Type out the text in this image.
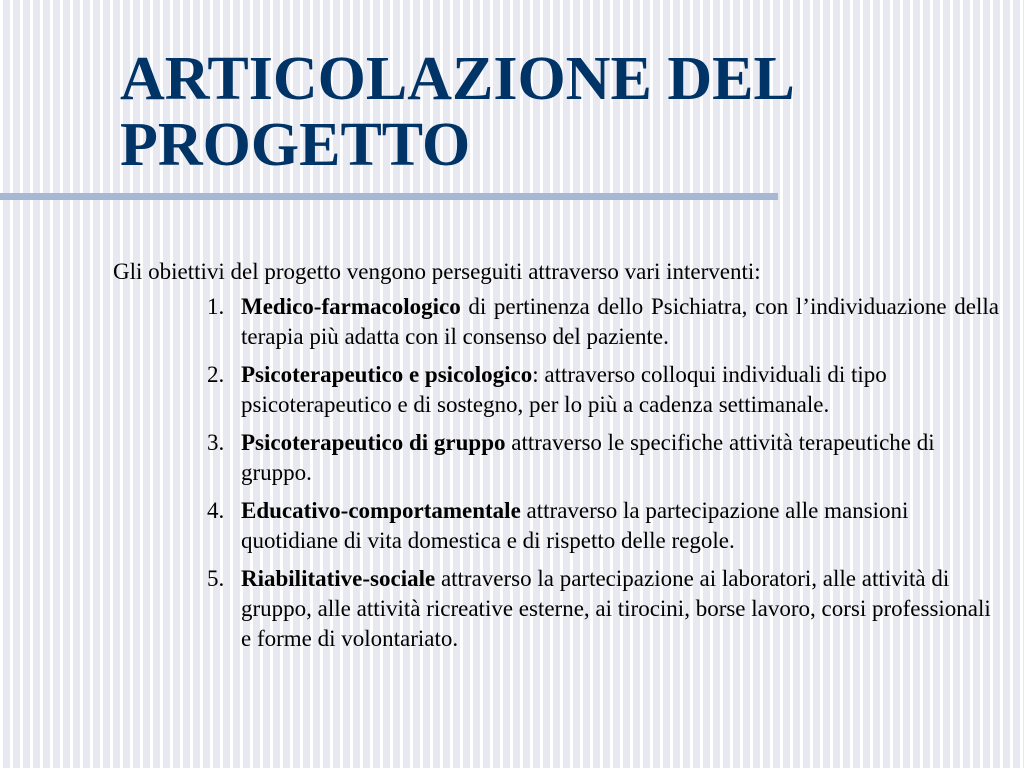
ARTICOLAZIONE DEL
PROGETTO

Gli obiettivi del progetto vengono perseguiti attraverso vari interventi:

1. Medico-farmacologico di pertinenza dello Psichiatra, con l’individuazione della terapia più adatta con il consenso del paziente.
2. Psicoterapeutico e psicologico: attraverso colloqui individuali di tipo psicoterapeutico e di sostegno, per lo più a cadenza settimanale.
3. Psicoterapeutico di gruppo attraverso le specifiche attività terapeutiche di gruppo.
4. Educativo-comportamentale attraverso la partecipazione alle mansioni quotidiane di vita domestica e di rispetto delle regole.
5. Riabilitative-sociale attraverso la partecipazione ai laboratori, alle attività di gruppo, alle attività ricreative esterne, ai tirocini, borse lavoro, corsi professionali e forme di volontariato.
